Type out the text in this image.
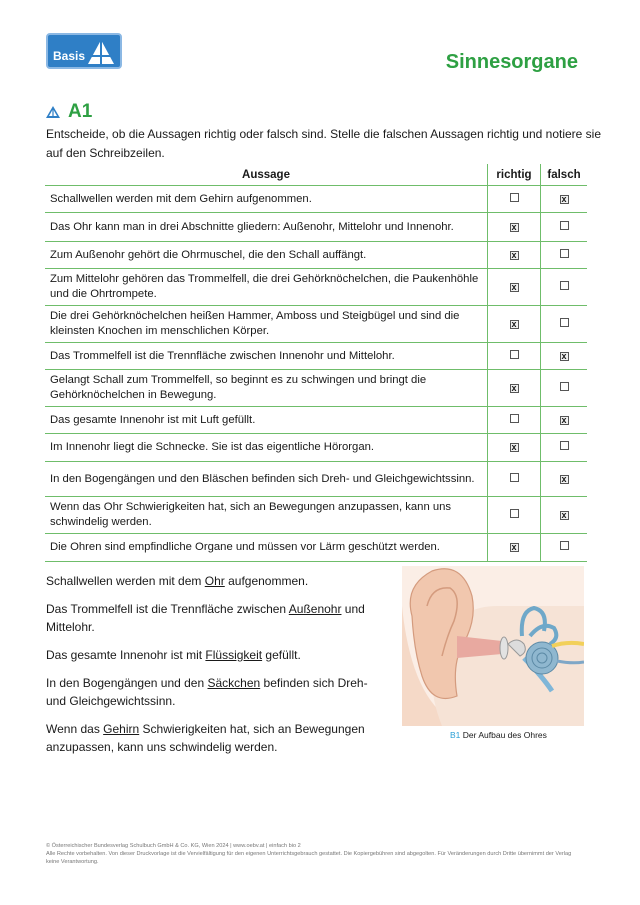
Basis	Sinnesorgane
A1
Entscheide, ob die Aussagen richtig oder falsch sind. Stelle die falschen Aussagen richtig und notiere sie auf den Schreibzeilen.
Aussage	richtig	falsch
Schallwellen werden mit dem Gehirn aufgenommen.		x
Das Ohr kann man in drei Abschnitte gliedern: Außenohr, Mittelohr und Innenohr.	x	
Zum Außenohr gehört die Ohrmuschel, die den Schall auffängt.	x	
Zum Mittelohr gehören das Trommelfell, die drei Gehörknöchelchen, die Paukenhöhle und die Ohrtrompete.	x	
Die drei Gehörknöchelchen heißen Hammer, Amboss und Steigbügel und sind die kleinsten Knochen im menschlichen Körper.	x	
Das Trommelfell ist die Trennfläche zwischen Innenohr und Mittelohr.		x
Gelangt Schall zum Trommelfell, so beginnt es zu schwingen und bringt die Gehörknöchelchen in Bewegung.	x	
Das gesamte Innenohr ist mit Luft gefüllt.		x
Im Innenohr liegt die Schnecke. Sie ist das eigentliche Hörorgan.	x	
In den Bogengängen und den Bläschen befinden sich Dreh- und Gleichgewichtssinn.		x
Wenn das Ohr Schwierigkeiten hat, sich an Bewegungen anzupassen, kann uns schwindelig werden.		x
Die Ohren sind empfindliche Organe und müssen vor Lärm geschützt werden.	x	

Schallwellen werden mit dem Ohr aufgenommen.

Das Trommelfell ist die Trennfläche zwischen Außenohr und Mittelohr.

Das gesamte Innenohr ist mit Flüssigkeit gefüllt.

In den Bogengängen und den Säckchen befinden sich Dreh- und Gleichgewichtssinn.

Wenn das Gehirn Schwierigkeiten hat, sich an Bewegungen anzupassen, kann uns schwindelig werden.

B1 Der Aufbau des Ohres
© Österreichischer Bundesverlag Schulbuch GmbH & Co. KG, Wien 2024 | www.oebv.at | einfach bio 2
Alle Rechte vorbehalten. Von dieser Druckvorlage ist die Vervielfältigung für den eigenen Unterrichtsgebrauch gestattet. Die Kopiergebühren sind abgegolten. Für Veränderungen durch Dritte übernimmt der Verlag keine Verantwortung.
